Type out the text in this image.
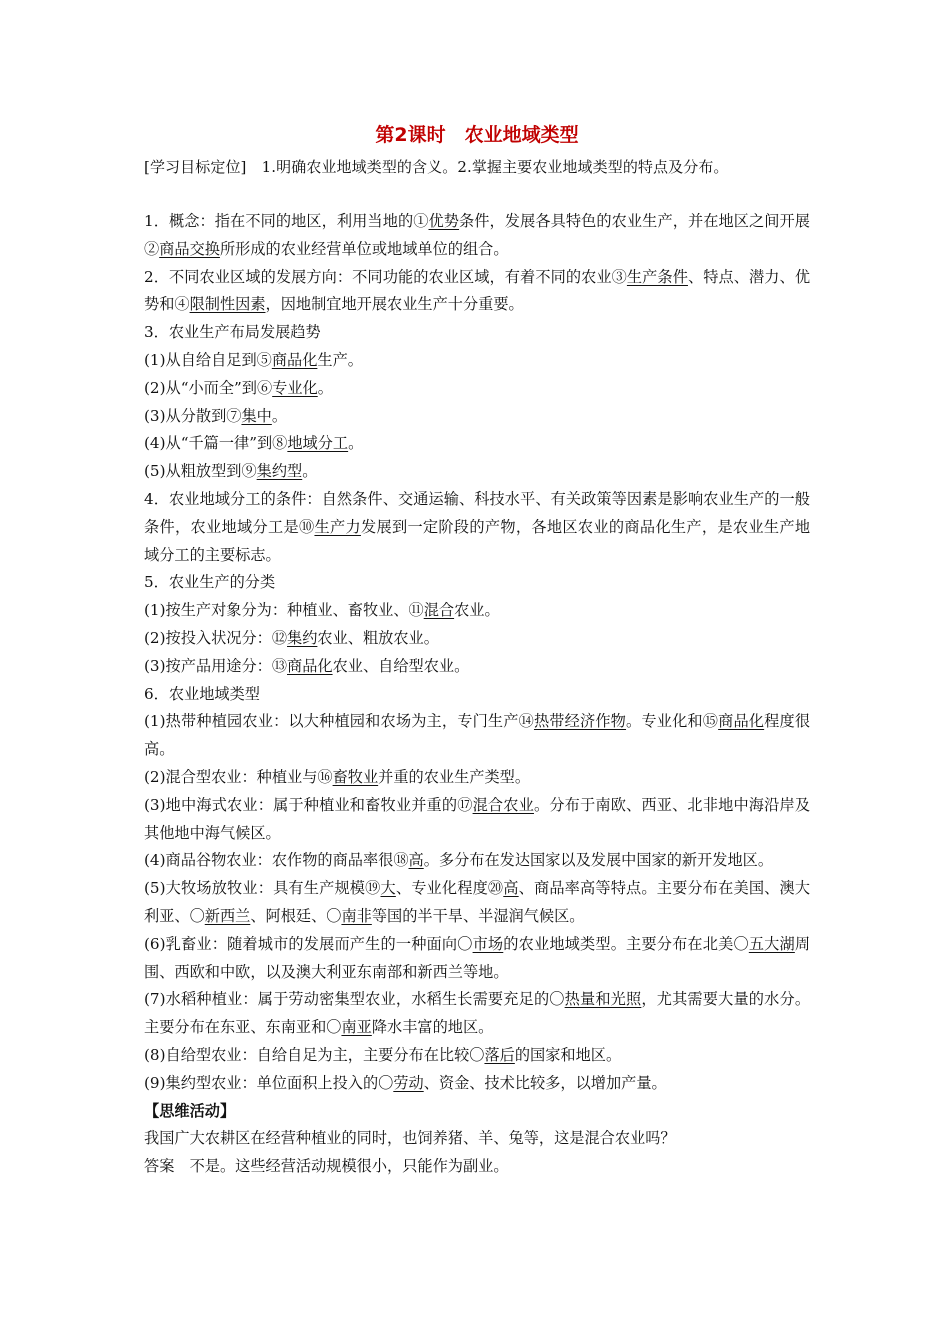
第2课时　农业地域类型
[学习目标定位]　1.明确农业地域类型的含义。2.掌握主要农业地域类型的特点及分布。

1．概念：指在不同的地区，利用当地的①优势条件，发展各具特色的农业生产，并在地区之间开展②商品交换所形成的农业经营单位或地域单位的组合。

2．不同农业区域的发展方向：不同功能的农业区域，有着不同的农业③生产条件、特点、潜力、优势和④限制性因素，因地制宜地开展农业生产十分重要。

3．农业生产布局发展趋势

(1)从自给自足到⑤商品化生产。

(2)从“小而全”到⑥专业化。

(3)从分散到⑦集中。

(4)从“千篇一律”到⑧地域分工。

(5)从粗放型到⑨集约型。

4．农业地域分工的条件：自然条件、交通运输、科技水平、有关政策等因素是影响农业生产的一般条件，农业地域分工是⑩生产力发展到一定阶段的产物，各地区农业的商品化生产，是农业生产地域分工的主要标志。

5．农业生产的分类

(1)按生产对象分为：种植业、畜牧业、⑪混合农业。

(2)按投入状况分：⑫集约农业、粗放农业。

(3)按产品用途分：⑬商品化农业、自给型农业。

6．农业地域类型

(1)热带种植园农业：以大种植园和农场为主，专门生产⑭热带经济作物。专业化和⑮商品化程度很高。

(2)混合型农业：种植业与⑯畜牧业并重的农业生产类型。

(3)地中海式农业：属于种植业和畜牧业并重的⑰混合农业。分布于南欧、西亚、北非地中海沿岸及其他地中海气候区。

(4)商品谷物农业：农作物的商品率很⑱高。多分布在发达国家以及发展中国家的新开发地区。

(5)大牧场放牧业：具有生产规模⑲大、专业化程度⑳高、商品率高等特点。主要分布在美国、澳大利亚、〇新西兰、阿根廷、〇南非等国的半干旱、半湿润气候区。

(6)乳畜业：随着城市的发展而产生的一种面向〇市场的农业地域类型。主要分布在北美〇五大湖周围、西欧和中欧，以及澳大利亚东南部和新西兰等地。

(7)水稻种植业：属于劳动密集型农业，水稻生长需要充足的〇热量和光照，尤其需要大量的水分。主要分布在东亚、东南亚和〇南亚降水丰富的地区。

(8)自给型农业：自给自足为主，主要分布在比较〇落后的国家和地区。

(9)集约型农业：单位面积上投入的〇劳动、资金、技术比较多，以增加产量。

【思维活动】

我国广大农耕区在经营种植业的同时，也饲养猪、羊、兔等，这是混合农业吗？

答案　不是。这些经营活动规模很小，只能作为副业。
